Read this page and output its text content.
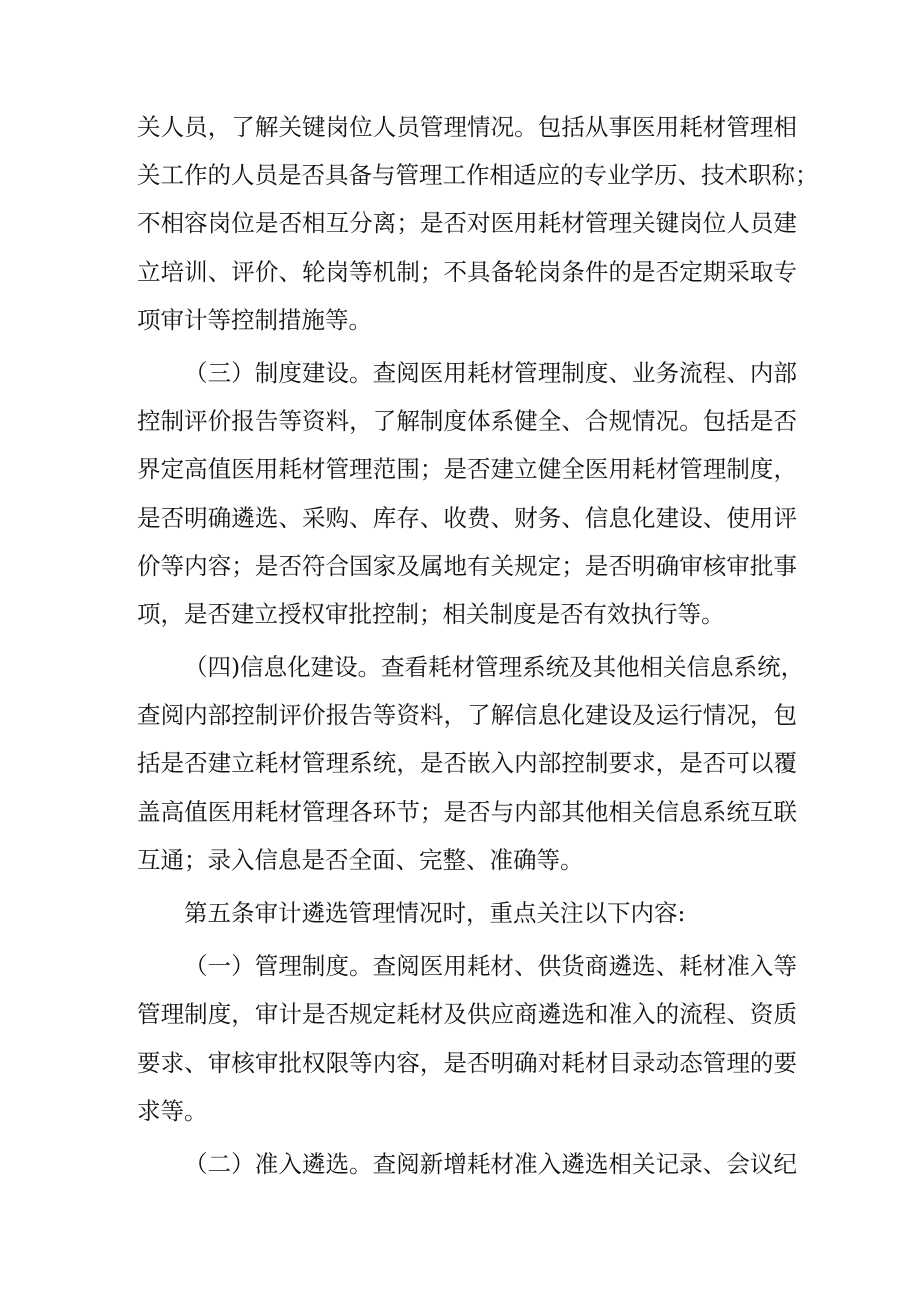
关人员，了解关键岗位人员管理情况。包括从事医用耗材管理相
关工作的人员是否具备与管理工作相适应的专业学历、技术职称；
不相容岗位是否相互分离；是否对医用耗材管理关键岗位人员建
立培训、评价、轮岗等机制；不具备轮岗条件的是否定期采取专
项审计等控制措施等。
（三）制度建设。查阅医用耗材管理制度、业务流程、内部
控制评价报告等资料，了解制度体系健全、合规情况。包括是否
界定高值医用耗材管理范围；是否建立健全医用耗材管理制度，
是否明确遴选、采购、库存、收费、财务、信息化建设、使用评
价等内容；是否符合国家及属地有关规定；是否明确审核审批事
项，是否建立授权审批控制；相关制度是否有效执行等。
（四)信息化建设。查看耗材管理系统及其他相关信息系统，
查阅内部控制评价报告等资料，了解信息化建设及运行情况，包
括是否建立耗材管理系统，是否嵌入内部控制要求，是否可以覆
盖高值医用耗材管理各环节；是否与内部其他相关信息系统互联
互通；录入信息是否全面、完整、准确等。
第五条审计遴选管理情况时，重点关注以下内容:
（一）管理制度。查阅医用耗材、供货商遴选、耗材准入等
管理制度，审计是否规定耗材及供应商遴选和准入的流程、资质
要求、审核审批权限等内容，是否明确对耗材目录动态管理的要
求等。
（二）准入遴选。查阅新增耗材准入遴选相关记录、会议纪
